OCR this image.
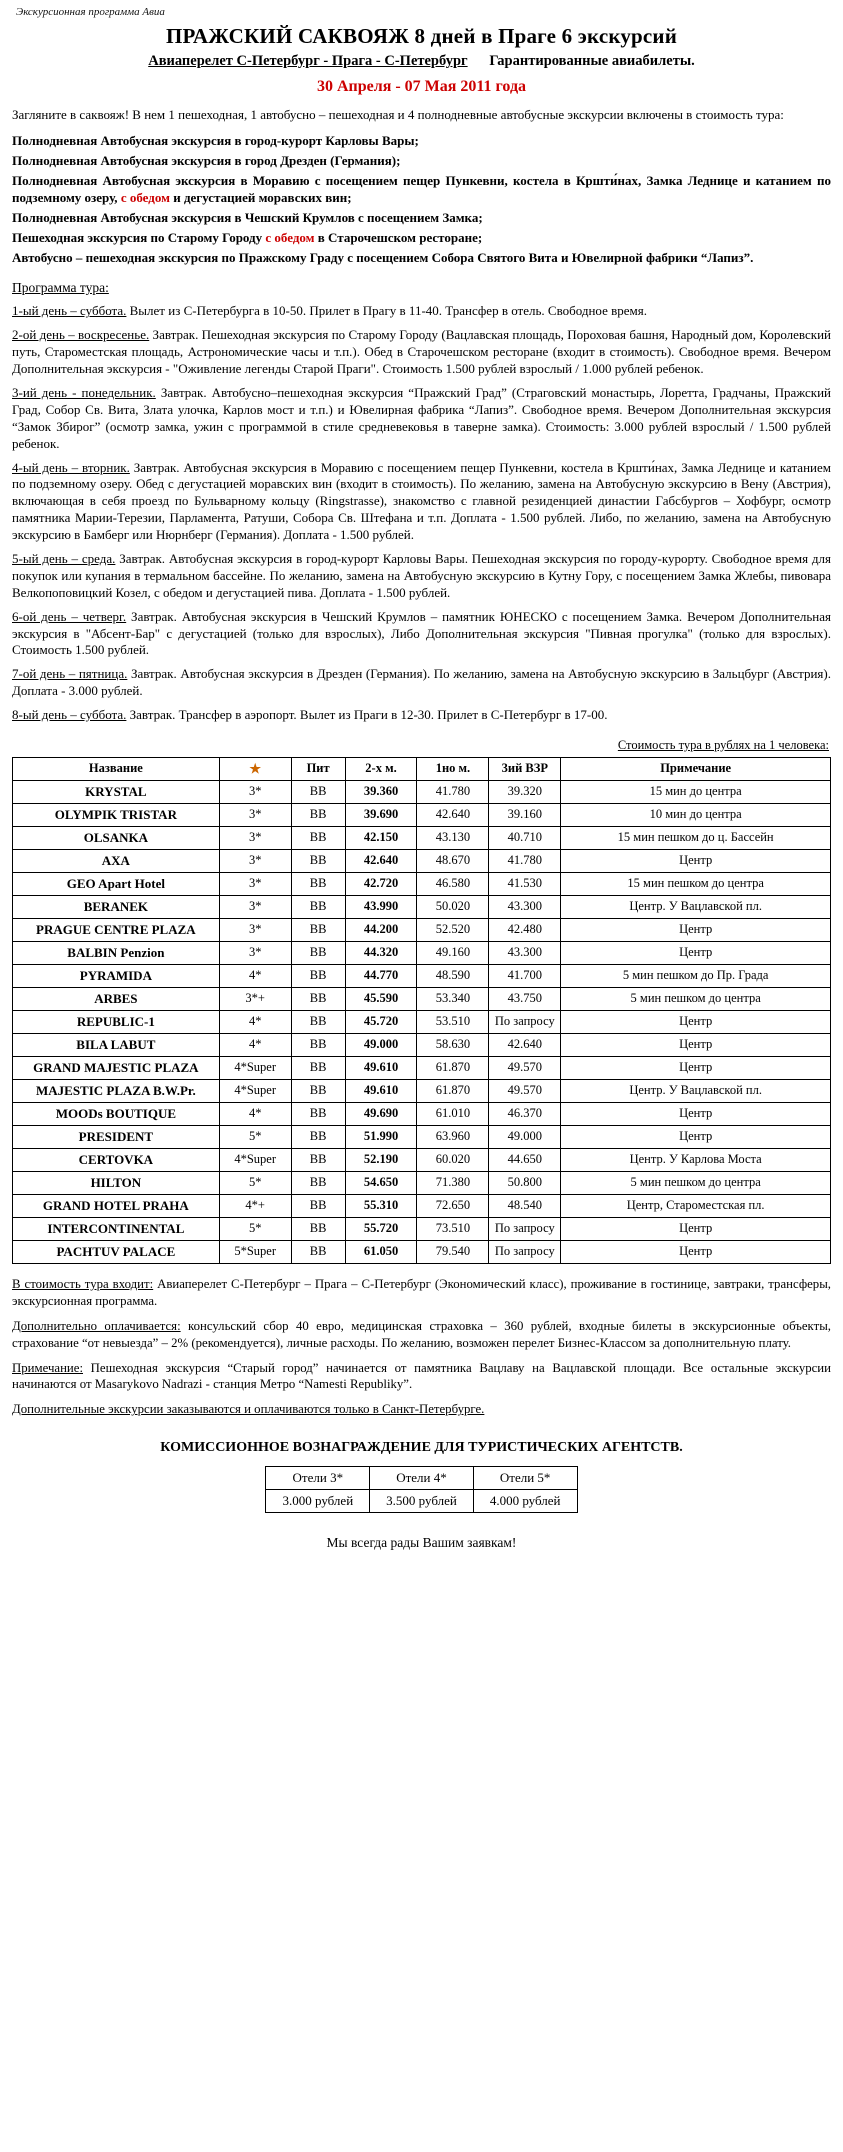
Экскурсионная программа Авиа
ПРАЖСКИЙ САКВОЯЖ 8 дней в Праге 6 экскурсий
Авиаперелет С-Петербург - Прага - С-Петербург Гарантированные авиабилеты.
30 Апреля - 07 Мая 2011 года

Загляните в саквояж! В нем 1 пешеходная, 1 автобусно – пешеходная и 4 полнодневные автобусные экскурсии включены в стоимость тура:

Полнодневная Автобусная экскурсия в город-курорт Карловы Вары;

Полнодневная Автобусная экскурсия в город Дрезден (Германия);

Полнодневная Автобусная экскурсия в Моравию с посещением пещер Пункевни, костела в Кршти́нах, Замка Леднице и катанием по подземному озеру, с обедом и дегустацией моравских вин;

Полнодневная Автобусная экскурсия в Чешский Крумлов с посещением Замка;

Пешеходная экскурсия по Старому Городу с обедом в Старочешском ресторане;

Автобусно – пешеходная экскурсия по Пражскому Граду с посещением Собора Святого Вита и Ювелирной фабрики “Лапиз”.

Программа тура:

1-ый день – суббота. Вылет из С-Петербурга в 10-50. Прилет в Прагу в 11-40. Трансфер в отель. Свободное время.

2-ой день – воскресенье. Завтрак. Пешеходная экскурсия по Старому Городу (Вацлавская площадь, Пороховая башня, Народный дом, Королевский путь, Староместская площадь, Астрономические часы и т.п.). Обед в Старочешском ресторане (входит в стоимость). Свободное время. Вечером Дополнительная экскурсия - "Оживление легенды Старой Праги". Стоимость 1.500 рублей взрослый / 1.000 рублей ребенок.

3-ий день - понедельник. Завтрак. Автобусно–пешеходная экскурсия “Пражский Град” (Страговский монастырь, Лоретта, Градчаны, Пражский Град, Собор Св. Вита, Злата улочка, Карлов мост и т.п.) и Ювелирная фабрика “Лапиз”. Свободное время. Вечером Дополнительная экскурсия “Замок Збирог” (осмотр замка, ужин с программой в стиле средневековья в таверне замка). Стоимость: 3.000 рублей взрослый / 1.500 рублей ребенок.

4-ый день – вторник. Завтрак. Автобусная экскурсия в Моравию с посещением пещер Пункевни, костела в Кршти́нах, Замка Леднице и катанием по подземному озеру. Обед с дегустацией моравских вин (входит в стоимость). По желанию, замена на Автобусную экскурсию в Вену (Австрия), включающая в себя проезд по Бульварному кольцу (Ringstrasse), знакомство с главной резиденцией династии Габсбургов – Хофбург, осмотр памятника Марии-Терезии, Парламента, Ратуши, Собора Св. Штефана и т.п. Доплата - 1.500 рублей. Либо, по желанию, замена на Автобусную экскурсию в Бамберг или Нюрнберг (Германия). Доплата - 1.500 рублей.

5-ый день – среда. Завтрак. Автобусная экскурсия в город-курорт Карловы Вары. Пешеходная экскурсия по городу-курорту. Свободное время для покупок или купания в термальном бассейне. По желанию, замена на Автобусную экскурсию в Кутну Гору, с посещением Замка Жлебы, пивовара Велкопоповицкий Козел, с обедом и дегустацией пива. Доплата - 1.500 рублей.

6-ой день – четверг. Завтрак. Автобусная экскурсия в Чешский Крумлов – памятник ЮНЕСКО с посещением Замка. Вечером Дополнительная экскурсия в "Абсент-Бар" с дегустацией (только для взрослых), Либо Дополнительная экскурсия "Пивная прогулка" (только для взрослых). Стоимость 1.500 рублей.

7-ой день – пятница. Завтрак. Автобусная экскурсия в Дрезден (Германия). По желанию, замена на Автобусную экскурсию в Зальцбург (Австрия). Доплата - 3.000 рублей.

8-ый день – суббота. Завтрак. Трансфер в аэропорт. Вылет из Праги в 12-30. Прилет в С-Петербург в 17-00.

Стоимость тура в рублях на 1 человека:
Название	★	Пит	2-х м.	1но м.	3ий ВЗР	Примечание
KRYSTAL	3*	BB	39.360	41.780	39.320	15 мин до центра
OLYMPIK TRISTAR	3*	BB	39.690	42.640	39.160	10 мин до центра
OLSANKA	3*	BB	42.150	43.130	40.710	15 мин пешком до ц. Бассейн
AXA	3*	BB	42.640	48.670	41.780	Центр
GEO Apart Hotel	3*	BB	42.720	46.580	41.530	15 мин пешком до центра
BERANEK	3*	BB	43.990	50.020	43.300	Центр. У Вацлавской пл.
PRAGUE CENTRE PLAZA	3*	BB	44.200	52.520	42.480	Центр
BALBIN Penzion	3*	BB	44.320	49.160	43.300	Центр
PYRAMIDA	4*	BB	44.770	48.590	41.700	5 мин пешком до Пр. Града
ARBES	3*+	BB	45.590	53.340	43.750	5 мин пешком до центра
REPUBLIC-1	4*	BB	45.720	53.510	По запросу	Центр
BILA LABUT	4*	BB	49.000	58.630	42.640	Центр
GRAND MAJESTIC PLAZA	4*Super	BB	49.610	61.870	49.570	Центр
MAJESTIC PLAZA B.W.Pr.	4*Super	BB	49.610	61.870	49.570	Центр. У Вацлавской пл.
MOODs BOUTIQUE	4*	BB	49.690	61.010	46.370	Центр
PRESIDENT	5*	BB	51.990	63.960	49.000	Центр
CERTOVKA	4*Super	BB	52.190	60.020	44.650	Центр. У Карлова Моста
HILTON	5*	BB	54.650	71.380	50.800	5 мин пешком до центра
GRAND HOTEL PRAHA	4*+	BB	55.310	72.650	48.540	Центр, Староместская пл.
INTERCONTINENTAL	5*	BB	55.720	73.510	По запросу	Центр
PACHTUV PALACE	5*Super	BB	61.050	79.540	По запросу	Центр

В стоимость тура входит: Авиаперелет С-Петербург – Прага – С-Петербург (Экономический класс), проживание в гостинице, завтраки, трансферы, экскурсионная программа.

Дополнительно оплачивается: консульский сбор 40 евро, медицинская страховка – 360 рублей, входные билеты в экскурсионные объекты, страхование “от невыезда” – 2% (рекомендуется), личные расходы. По желанию, возможен перелет Бизнес-Классом за дополнительную плату.

Примечание: Пешеходная экскурсия “Старый город” начинается от памятника Вацлаву на Вацлавской площади. Все остальные экскурсии начинаются от Masarykovo Nadrazi - станция Метро “Namesti Republiky”.

Дополнительные экскурсии заказываются и оплачиваются только в Санкт-Петербурге.

КОМИССИОННОЕ ВОЗНАГРАЖДЕНИЕ ДЛЯ ТУРИСТИЧЕСКИХ АГЕНТСТВ.
Отели 3*	Отели 4*	Отели 5*
3.000 рублей	3.500 рублей	4.000 рублей
Мы всегда рады Вашим заявкам!
